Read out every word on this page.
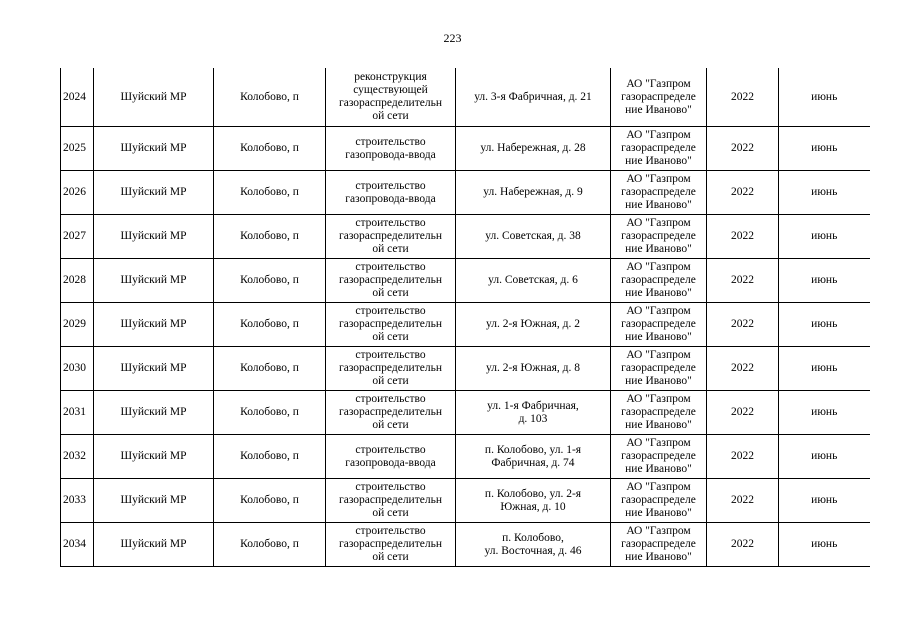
223
2024	Шуйский МР	Колобово, п	реконструкция
существующей
газораспределительн
ой сети	ул. 3-я Фабричная, д. 21	АО "Газпром
газораспределе
ние Иваново"	2022	июнь
2025	Шуйский МР	Колобово, п	строительство
газопровода-ввода	ул. Набережная, д. 28	АО "Газпром
газораспределе
ние Иваново"	2022	июнь
2026	Шуйский МР	Колобово, п	строительство
газопровода-ввода	ул. Набережная, д. 9	АО "Газпром
газораспределе
ние Иваново"	2022	июнь
2027	Шуйский МР	Колобово, п	строительство
газораспределительн
ой сети	ул. Советская, д. 38	АО "Газпром
газораспределе
ние Иваново"	2022	июнь
2028	Шуйский МР	Колобово, п	строительство
газораспределительн
ой сети	ул. Советская, д. 6	АО "Газпром
газораспределе
ние Иваново"	2022	июнь
2029	Шуйский МР	Колобово, п	строительство
газораспределительн
ой сети	ул. 2-я Южная, д. 2	АО "Газпром
газораспределе
ние Иваново"	2022	июнь
2030	Шуйский МР	Колобово, п	строительство
газораспределительн
ой сети	ул. 2-я Южная, д. 8	АО "Газпром
газораспределе
ние Иваново"	2022	июнь
2031	Шуйский МР	Колобово, п	строительство
газораспределительн
ой сети	ул. 1-я Фабричная,
д. 103	АО "Газпром
газораспределе
ние Иваново"	2022	июнь
2032	Шуйский МР	Колобово, п	строительство
газопровода-ввода	п. Колобово, ул. 1-я
Фабричная, д. 74	АО "Газпром
газораспределе
ние Иваново"	2022	июнь
2033	Шуйский МР	Колобово, п	строительство
газораспределительн
ой сети	п. Колобово, ул. 2-я
Южная, д. 10	АО "Газпром
газораспределе
ние Иваново"	2022	июнь
2034	Шуйский МР	Колобово, п	строительство
газораспределительн
ой сети	п. Колобово,
ул. Восточная, д. 46	АО "Газпром
газораспределе
ние Иваново"	2022	июнь
